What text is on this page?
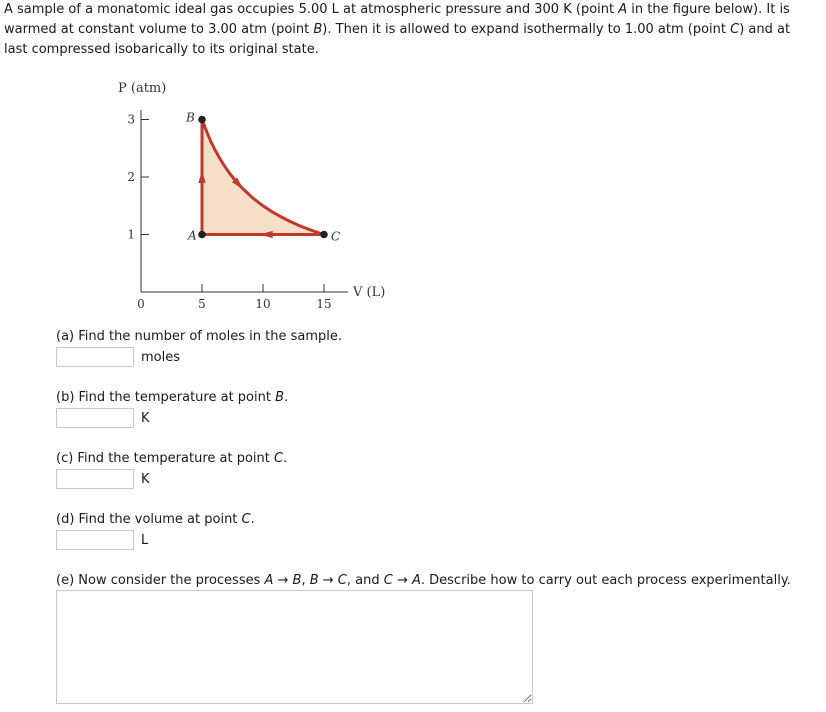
A sample of a monatomic ideal gas occupies 5.00 L at atmospheric pressure and 300 K (point A in the figure below). It is warmed at constant volume to 3.00 atm (point B). Then it is allowed to expand isothermally to 1.00 atm (point C) and at last compressed isobarically to its original state.

3
2
1
0	5	10	15
A
B
C
P (atm)
V (L)

(a) Find the number of moles in the sample.

moles

(b) Find the temperature at point B.

K

(c) Find the temperature at point C.

K

(d) Find the volume at point C.

L

(e) Now consider the processes A → B, B → C, and C → A. Describe how to carry out each process experimentally.
